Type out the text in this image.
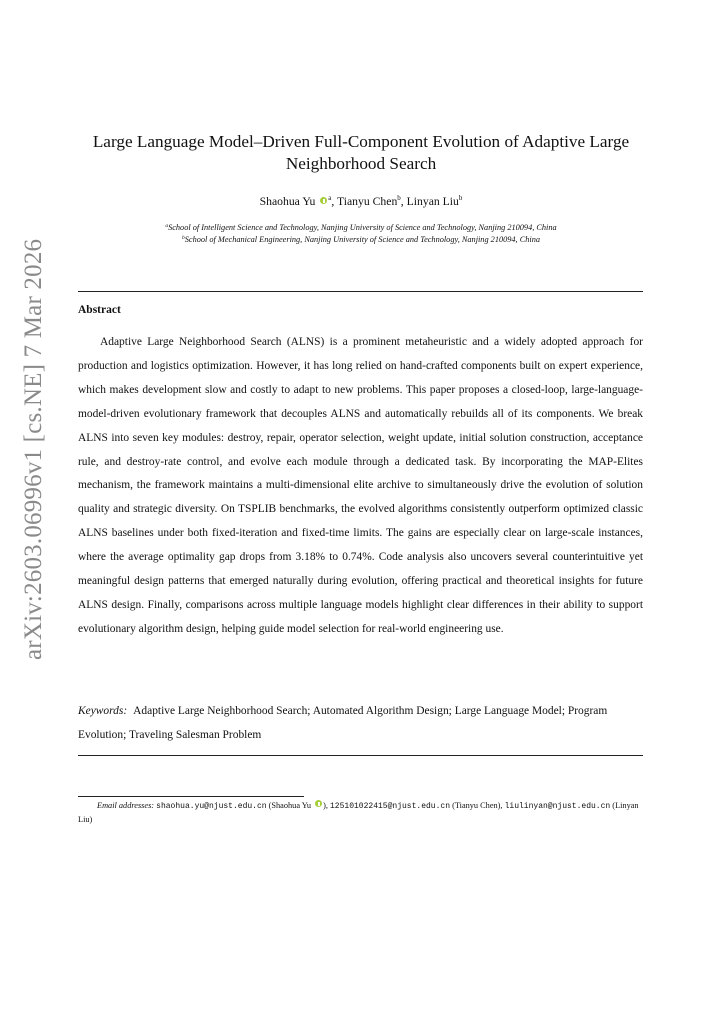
arXiv:2603.06996v1 [cs.NE] 7 Mar 2026
Large Language Model–Driven Full-Component Evolution of Adaptive Large Neighborhood Search
Shaohua Yu $^a$, Tianyu Chen$^b$, Linyan Liu$^b$
$^a$School of Intelligent Science and Technology, Nanjing University of Science and Technology, Nanjing 210094, China
$^b$School of Mechanical Engineering, Nanjing University of Science and Technology, Nanjing 210094, China
Abstract

Adaptive Large Neighborhood Search (ALNS) is a prominent metaheuristic and a widely adopted approach for production and logistics optimization. However, it has long relied on hand-crafted components built on expert experience, which makes development slow and costly to adapt to new problems. This paper proposes a closed-loop, large-language-model-driven evolutionary framework that decouples ALNS and automatically rebuilds all of its components. We break ALNS into seven key modules: destroy, repair, operator selection, weight update, initial solution construction, acceptance rule, and destroy-rate control, and evolve each module through a dedicated task. By incorporating the MAP-Elites mechanism, the framework maintains a multi-dimensional elite archive to simultaneously drive the evolution of solution quality and strategic diversity. On TSPLIB benchmarks, the evolved algorithms consistently outperform optimized classic ALNS baselines under both fixed-iteration and fixed-time limits. The gains are especially clear on large-scale instances, where the average optimality gap drops from 3.18% to 0.74%. Code analysis also uncovers several counterintuitive yet meaningful design patterns that emerged naturally during evolution, offering practical and theoretical insights for future ALNS design. Finally, comparisons across multiple language models highlight clear differences in their ability to support evolutionary algorithm design, helping guide model selection for real-world engineering use.

Keywords: Adaptive Large Neighborhood Search; Automated Algorithm Design; Large Language Model; Program Evolution; Traveling Salesman Problem

Email addresses: shaohua.yu@njust.edu.cn (Shaohua Yu ), 125101022415@njust.edu.cn (Tianyu Chen), liulinyan@njust.edu.cn (Linyan Liu)
